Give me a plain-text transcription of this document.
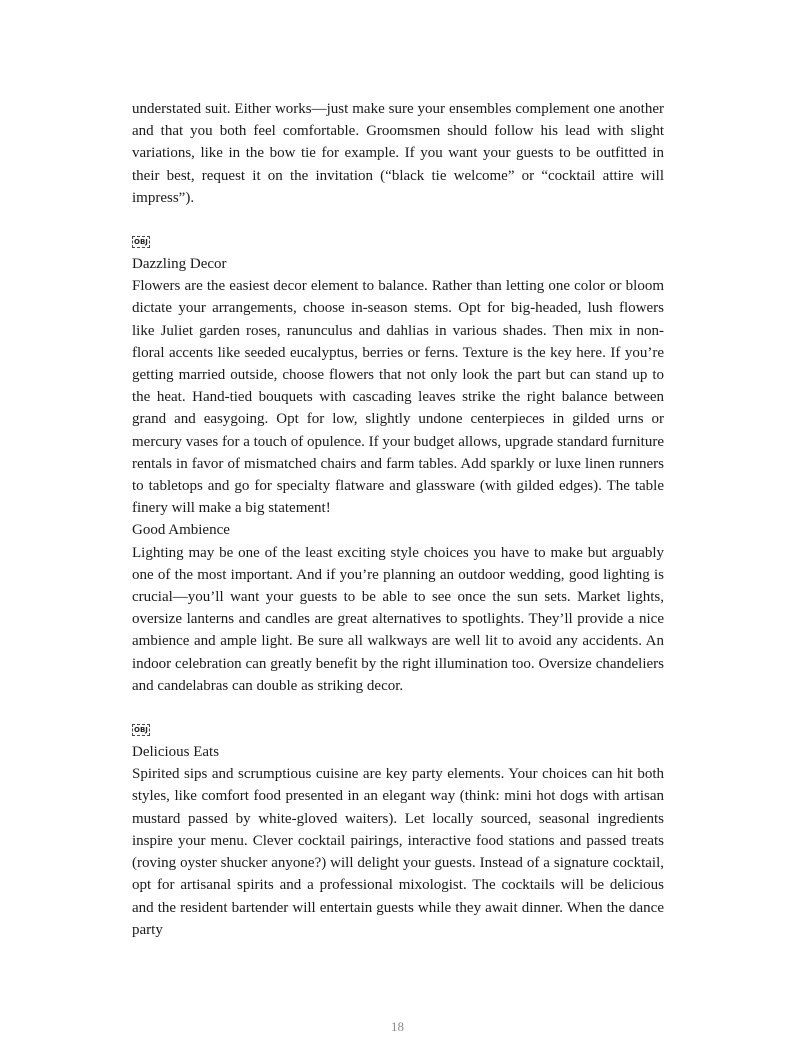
understated suit. Either works—just make sure your ensembles complement one another and that you both feel comfortable. Groomsmen should follow his lead with slight variations, like in the bow tie for example. If you want your guests to be outfitted in their best, request it on the invitation (“black tie welcome” or “cocktail attire will impress”).

OBJ

Dazzling Decor

Flowers are the easiest decor element to balance. Rather than letting one color or bloom dictate your arrangements, choose in-season stems. Opt for big-headed, lush flowers like Juliet garden roses, ranunculus and dahlias in various shades. Then mix in non-floral accents like seeded eucalyptus, berries or ferns. Texture is the key here. If you’re getting married outside, choose flowers that not only look the part but can stand up to the heat. Hand-tied bouquets with cascading leaves strike the right balance between grand and easygoing. Opt for low, slightly undone centerpieces in gilded urns or mercury vases for a touch of opulence. If your budget allows, upgrade standard furniture rentals in favor of mismatched chairs and farm tables. Add sparkly or luxe linen runners to tabletops and go for specialty flatware and glassware (with gilded edges). The table finery will make a big statement!

Good Ambience

Lighting may be one of the least exciting style choices you have to make but arguably one of the most important. And if you’re planning an outdoor wedding, good lighting is crucial—you’ll want your guests to be able to see once the sun sets. Market lights, oversize lanterns and candles are great alternatives to spotlights. They’ll provide a nice ambience and ample light. Be sure all walkways are well lit to avoid any accidents. An indoor celebration can greatly benefit by the right illumination too. Oversize chandeliers and candelabras can double as striking decor.

OBJ

Delicious Eats

Spirited sips and scrumptious cuisine are key party elements. Your choices can hit both styles, like comfort food presented in an elegant way (think: mini hot dogs with artisan mustard passed by white-gloved waiters). Let locally sourced, seasonal ingredients inspire your menu. Clever cocktail pairings, interactive food stations and passed treats (roving oyster shucker anyone?) will delight your guests. Instead of a signature cocktail, opt for artisanal spirits and a professional mixologist. The cocktails will be delicious and the resident bartender will entertain guests while they await dinner. When the dance party

18
